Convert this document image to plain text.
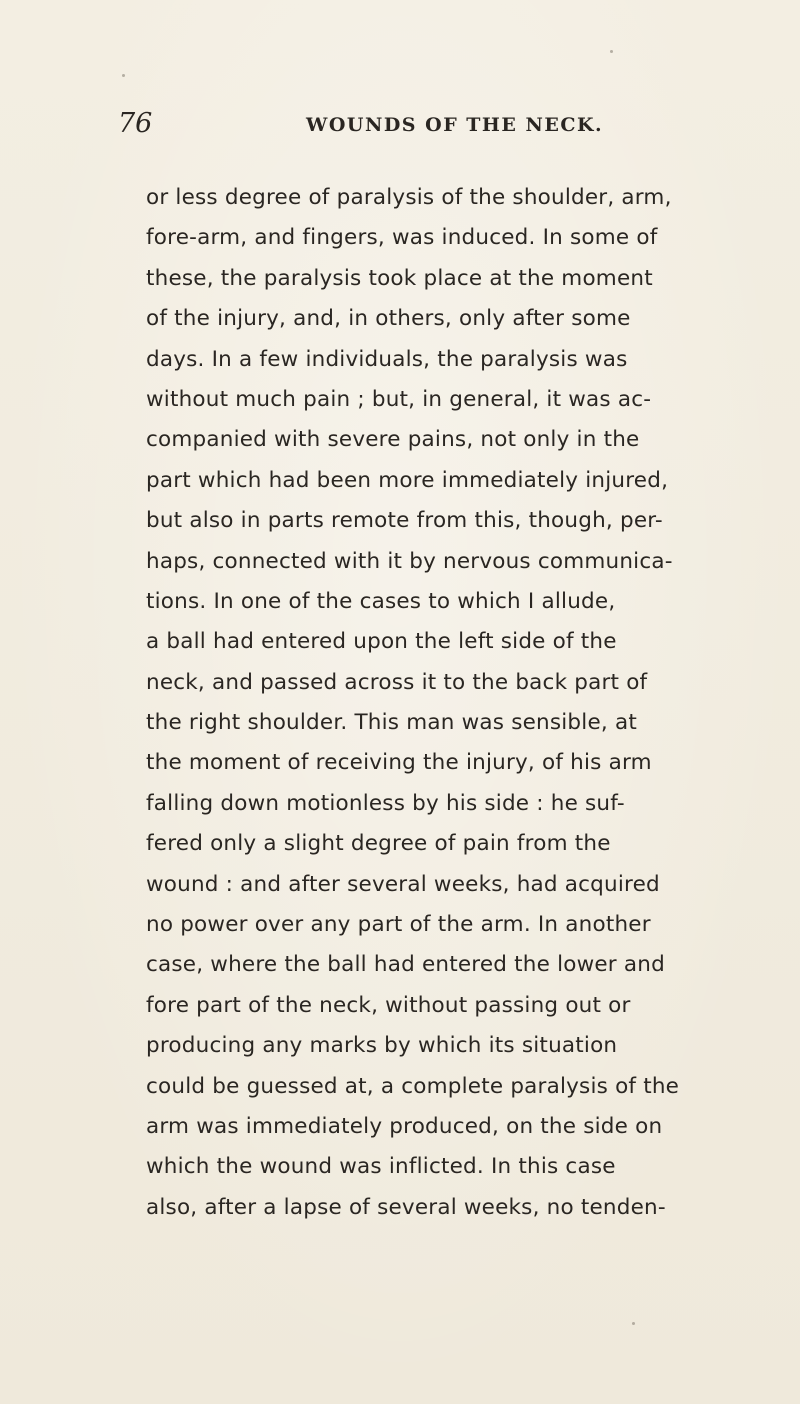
76	WOUNDS OF THE NECK.
or less degree of paralysis of the shoulder, arm,
fore-arm, and fingers, was induced. In some of
these, the paralysis took place at the moment
of the injury, and, in others, only after some
days. In a few individuals, the paralysis was
without much pain ; but, in general, it was ac-
companied with severe pains, not only in the
part which had been more immediately injured,
but also in parts remote from this, though, per-
haps, connected with it by nervous communica-
tions. In one of the cases to which I allude,
a ball had entered upon the left side of the
neck, and passed across it to the back part of
the right shoulder. This man was sensible, at
the moment of receiving the injury, of his arm
falling down motionless by his side : he suf-
fered only a slight degree of pain from the
wound : and after several weeks, had acquired
no power over any part of the arm. In another
case, where the ball had entered the lower and
fore part of the neck, without passing out or
producing any marks by which its situation
could be guessed at, a complete paralysis of the
arm was immediately produced, on the side on
which the wound was inflicted. In this case
also, after a lapse of several weeks, no tenden-
